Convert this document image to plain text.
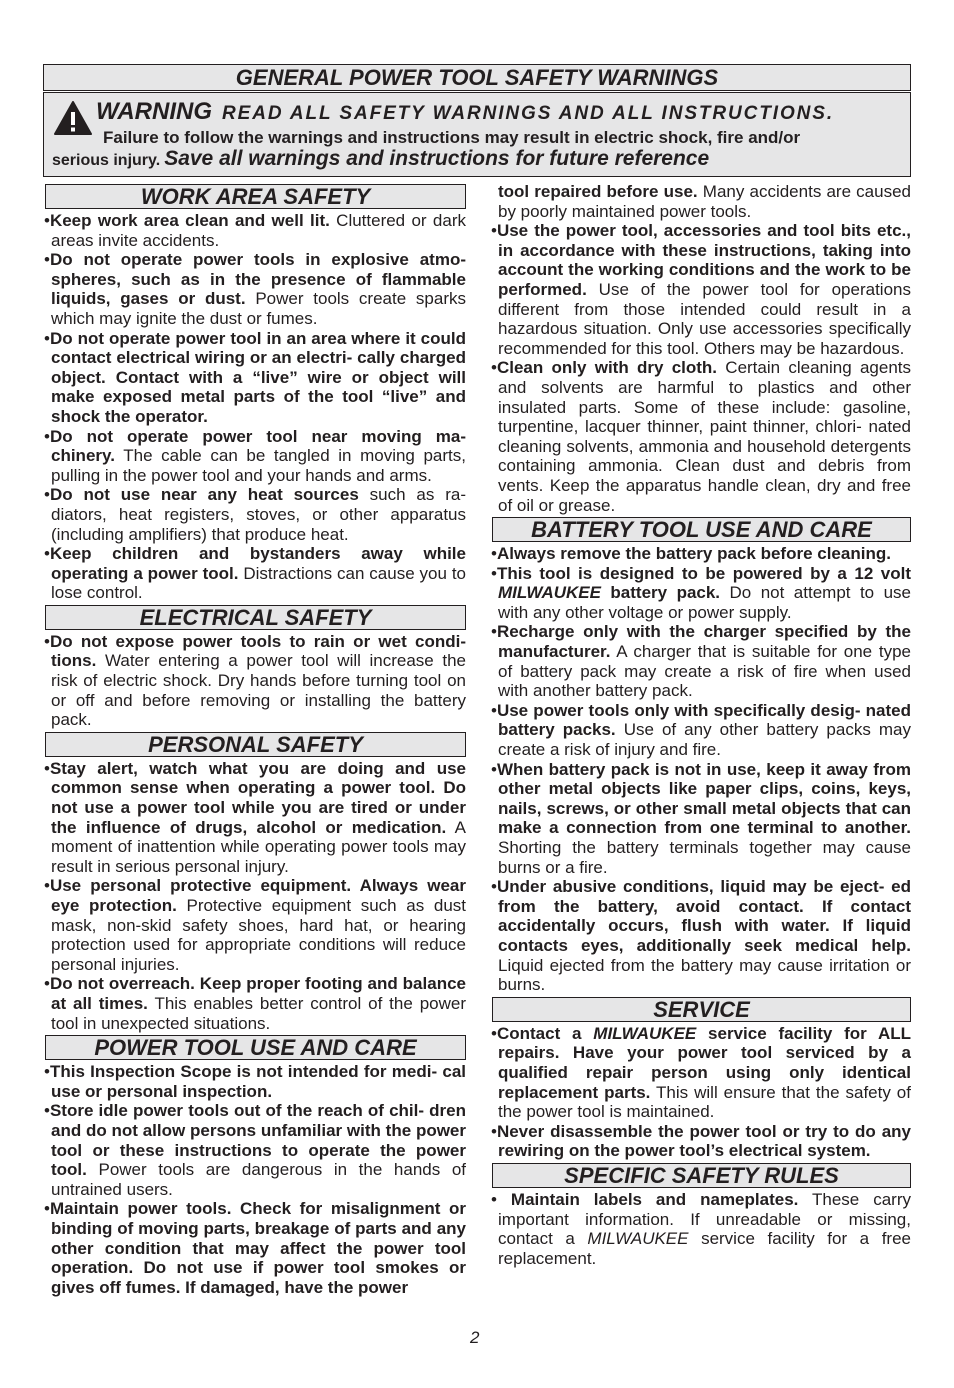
GENERAL POWER TOOL SAFETY WARNINGS
WARNING READ ALL SAFETY WARNINGS AND ALL INSTRUCTIONS.
Failure to follow the warnings and instructions may result in electric shock, fire and/or
serious injury. Save all warnings and instructions for future reference
WORK AREA SAFETY

•Keep work area clean and well lit. Cluttered or dark areas invite accidents.

•Do not operate power tools in explosive atmo- spheres, such as in the presence of flammable liquids, gases or dust. Power tools create sparks which may ignite the dust or fumes.

•Do not operate power tool in an area where it could contact electrical wiring or an electri- cally charged object. Contact with a “live” wire or object will make exposed metal parts of the tool “live” and shock the operator.

•Do not operate power tool near moving ma- chinery. The cable can be tangled in moving parts, pulling in the power tool and your hands and arms.

•Do not use near any heat sources such as ra- diators, heat registers, stoves, or other apparatus (including amplifiers) that produce heat.

•Keep children and bystanders away while operating a power tool. Distractions can cause you to lose control.

ELECTRICAL SAFETY

•Do not expose power tools to rain or wet condi- tions. Water entering a power tool will increase the risk of electric shock. Dry hands before turning tool on or off and before removing or installing the battery pack.

PERSONAL SAFETY

•Stay alert, watch what you are doing and use common sense when operating a power tool. Do not use a power tool while you are tired or under the influence of drugs, alcohol or medication. A moment of inattention while operating power tools may result in serious personal injury.

•Use personal protective equipment. Always wear eye protection. Protective equipment such as dust mask, non-skid safety shoes, hard hat, or hearing protection used for appropriate conditions will reduce personal injuries.

•Do not overreach. Keep proper footing and balance at all times. This enables better control of the power tool in unexpected situations.

POWER TOOL USE AND CARE

•This Inspection Scope is not intended for medi- cal use or personal inspection.

•Store idle power tools out of the reach of chil- dren and do not allow persons unfamiliar with the power tool or these instructions to operate the power tool. Power tools are dangerous in the hands of untrained users.

•Maintain power tools. Check for misalignment or binding of moving parts, breakage of parts and any other condition that may affect the power tool operation. Do not use if power tool smokes or gives off fumes. If damaged, have the power

tool repaired before use. Many accidents are caused by poorly maintained power tools.

•Use the power tool, accessories and tool bits etc., in accordance with these instructions, taking into account the working conditions and the work to be performed. Use of the power tool for operations different from those intended could result in a hazardous situation. Only use accessories specifically recommended for this tool. Others may be hazardous.

•Clean only with dry cloth. Certain cleaning agents and solvents are harmful to plastics and other insulated parts. Some of these include: gasoline, turpentine, lacquer thinner, paint thinner, chlori- nated cleaning solvents, ammonia and household detergents containing ammonia. Clean dust and debris from vents. Keep the apparatus handle clean, dry and free of oil or grease.

BATTERY TOOL USE AND CARE

•Always remove the battery pack before cleaning.

•This tool is designed to be powered by a 12 volt MILWAUKEE battery pack. Do not attempt to use with any other voltage or power supply.

•Recharge only with the charger specified by the manufacturer. A charger that is suitable for one type of battery pack may create a risk of fire when used with another battery pack.

•Use power tools only with specifically desig- nated battery packs. Use of any other battery packs may create a risk of injury and fire.

•When battery pack is not in use, keep it away from other metal objects like paper clips, coins, keys, nails, screws, or other small metal objects that can make a connection from one terminal to another. Shorting the battery terminals together may cause burns or a fire.

•Under abusive conditions, liquid may be eject- ed from the battery, avoid contact. If contact accidentally occurs, flush with water. If liquid contacts eyes, additionally seek medical help. Liquid ejected from the battery may cause irritation or burns.

SERVICE

•Contact a MILWAUKEE service facility for ALL repairs. Have your power tool serviced by a qualified repair person using only identical replacement parts. This will ensure that the safety of the power tool is maintained.

•Never disassemble the power tool or try to do any rewiring on the power tool’s electrical system.

SPECIFIC SAFETY RULES

• Maintain labels and nameplates. These carry important information. If unreadable or missing, contact a MILWAUKEE service facility for a free replacement.

2
